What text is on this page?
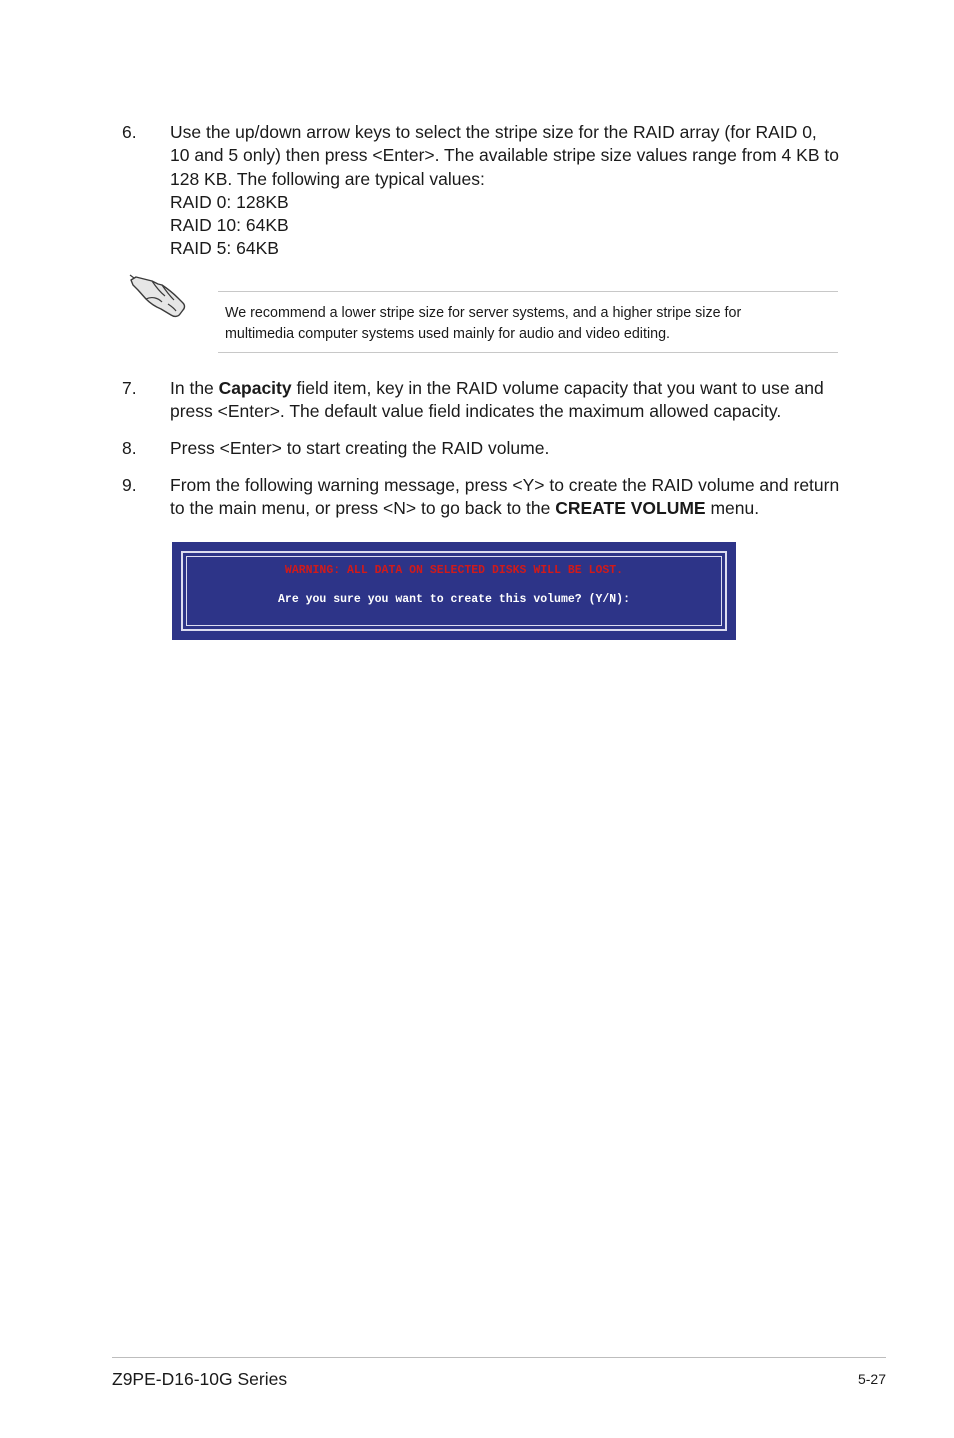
6. Use the up/down arrow keys to select the stripe size for the RAID array (for RAID 0,
10 and 5 only) then press <Enter>. The available stripe size values range from 4 KB to
128 KB. The following are typical values:
RAID 0: 128KB
RAID 10: 64KB
RAID 5: 64KB
We recommend a lower stripe size for server systems, and a higher stripe size for
multimedia computer systems used mainly for audio and video editing.
7. In the Capacity field item, key in the RAID volume capacity that you want to use and
press <Enter>. The default value field indicates the maximum allowed capacity.
8. Press <Enter> to start creating the RAID volume.
9. From the following warning message, press <Y> to create the RAID volume and return
to the main menu, or press <N> to go back to the CREATE VOLUME menu.
WARNING: ALL DATA ON SELECTED DISKS WILL BE LOST.
Are you sure you want to create this volume? (Y/N):
Z9PE-D16-10G Series	5-27
